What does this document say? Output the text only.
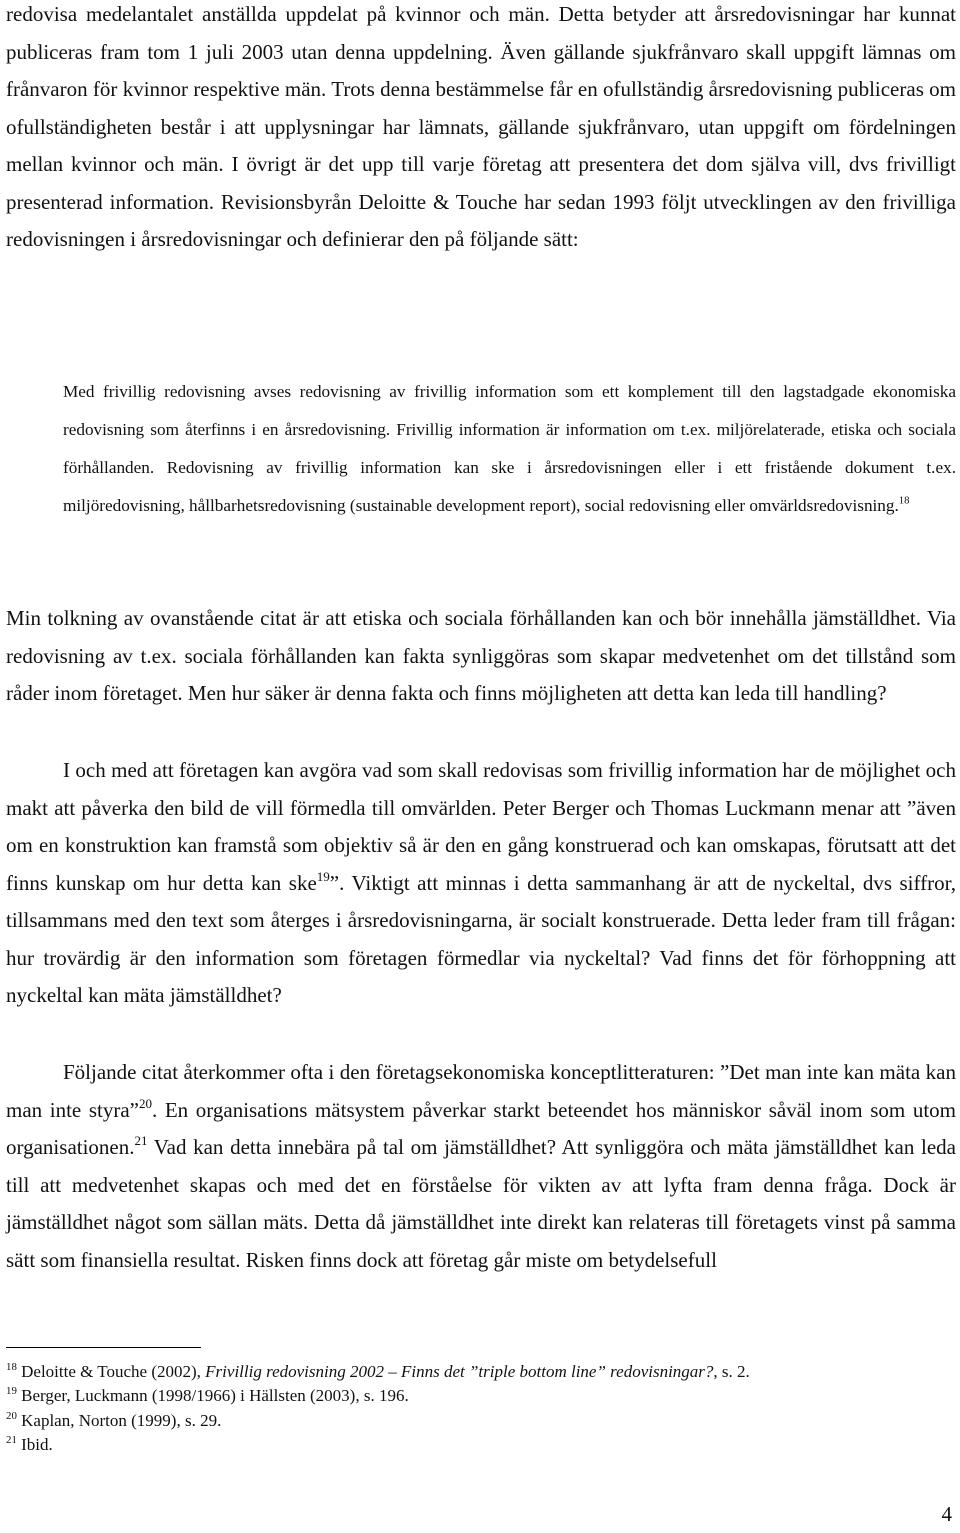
redovisa medelantalet anställda uppdelat på kvinnor och män. Detta betyder att årsredovisningar har kunnat publiceras fram tom 1 juli 2003 utan denna uppdelning. Även gällande sjukfrånvaro skall uppgift lämnas om frånvaron för kvinnor respektive män. Trots denna bestämmelse får en ofullständig årsredovisning publiceras om ofullständigheten består i att upplysningar har lämnats, gällande sjukfrånvaro, utan uppgift om fördelningen mellan kvinnor och män. I övrigt är det upp till varje företag att presentera det dom själva vill, dvs frivilligt presenterad information. Revisionsbyrån Deloitte & Touche har sedan 1993 följt utvecklingen av den frivilliga redovisningen i årsredovisningar och definierar den på följande sätt:

Med frivillig redovisning avses redovisning av frivillig information som ett komplement till den lagstadgade ekonomiska redovisning som återfinns i en årsredovisning. Frivillig information är information om t.ex. miljörelaterade, etiska och sociala förhållanden. Redovisning av frivillig information kan ske i årsredovisningen eller i ett fristående dokument t.ex. miljöredovisning, hållbarhetsredovisning (sustainable development report), social redovisning eller omvärldsredovisning.$^{18}$

Min tolkning av ovanstående citat är att etiska och sociala förhållanden kan och bör innehålla jämställdhet. Via redovisning av t.ex. sociala förhållanden kan fakta synliggöras som skapar medvetenhet om det tillstånd som råder inom företaget. Men hur säker är denna fakta och finns möjligheten att detta kan leda till handling?

I och med att företagen kan avgöra vad som skall redovisas som frivillig information har de möjlighet och makt att påverka den bild de vill förmedla till omvärlden. Peter Berger och Thomas Luckmann menar att ”även om en konstruktion kan framstå som objektiv så är den en gång konstruerad och kan omskapas, förutsatt att det finns kunskap om hur detta kan ske$^{19}$”. Viktigt att minnas i detta sammanhang är att de nyckeltal, dvs siffror, tillsammans med den text som återges i årsredovisningarna, är socialt konstruerade. Detta leder fram till frågan: hur trovärdig är den information som företagen förmedlar via nyckeltal? Vad finns det för förhoppning att nyckeltal kan mäta jämställdhet?

Följande citat återkommer ofta i den företagsekonomiska konceptlitteraturen: ”Det man inte kan mäta kan man inte styra”$^{20}$. En organisations mätsystem påverkar starkt beteendet hos människor såväl inom som utom organisationen.$^{21}$ Vad kan detta innebära på tal om jämställdhet? Att synliggöra och mäta jämställdhet kan leda till att medvetenhet skapas och med det en förståelse för vikten av att lyfta fram denna fråga. Dock är jämställdhet något som sällan mäts. Detta då jämställdhet inte direkt kan relateras till företagets vinst på samma sätt som finansiella resultat. Risken finns dock att företag går miste om betydelsefull

$^{18}$ Deloitte & Touche (2002), Frivillig redovisning 2002 – Finns det ”triple bottom line” redovisningar?, s. 2.
$^{19}$ Berger, Luckmann (1998/1966) i Hällsten (2003), s. 196.
$^{20}$ Kaplan, Norton (1999), s. 29.
$^{21}$ Ibid.
4
